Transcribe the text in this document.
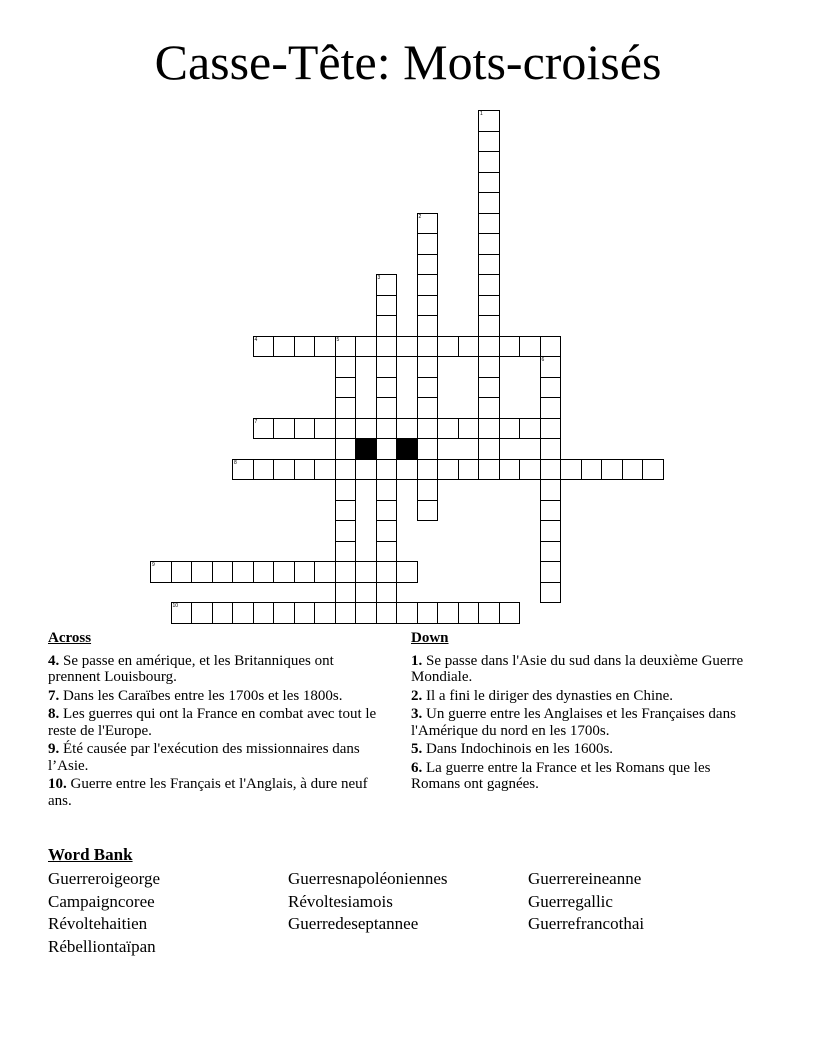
Casse-Tête: Mots-croisés
1
2
3
4	5
6
7
8
9
10
Across
4. Se passe en amérique, et les Britanniques ont prennent Louisbourg.
7. Dans les Caraïbes entre les 1700s et les 1800s.
8. Les guerres qui ont la France en combat avec tout le reste de l'Europe.
9. Été causée par l'exécution des missionnaires dans l’Asie.
10. Guerre entre les Français et l'Anglais, à dure neuf ans.
Down
1. Se passe dans l'Asie du sud dans la deuxième Guerre Mondiale.
2. Il a fini le diriger des dynasties en Chine.
3. Un guerre entre les Anglaises et les Françaises dans l'Amérique du nord en les 1700s.
5. Dans Indochinois en les 1600s.
6. La guerre entre la France et les Romans que les Romans ont gagnées.
Word Bank
Guerreroigeorge	Guerresnapoléoniennes	Guerrereineanne
Campaigncoree	Révoltesiamois	Guerregallic
Révoltehaitien	Guerredeseptannee	Guerrefrancothai
Rébelliontaïpan
